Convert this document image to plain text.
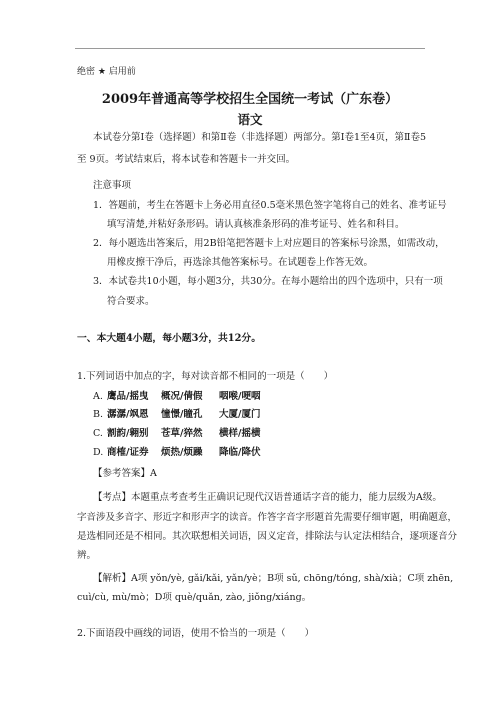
绝密 ★ 启用前
2009年普通高等学校招生全国统一考试（广东卷）
语文
本试卷分第Ⅰ卷（选择题）和第Ⅱ卷（非选择题）两部分。第Ⅰ卷1至4页，第Ⅱ卷5
至 9页。考试结束后，将本试卷和答题卡一并交回。
注意事项
1．答题前，考生在答题卡上务必用直径0.5毫米黑色签字笔将自己的姓名、准考证号
填写清楚,并粘好条形码。请认真核准条形码的准考证号、姓名和科目。
2．每小题选出答案后，用2B铅笔把答题卡上对应题目的答案标号涂黑，如需改动，
用橡皮擦干净后，再选涂其他答案标号。在试题卷上作答无效。
3．本试卷共10小题，每小题3分，共30分。在每小题给出的四个选项中，只有一项
符合要求。
一、本大题4小题，每小题3分，共12分。
1.下列词语中加点的字，每对读音都不相同的一项是（　　）
A. 鹰品/摇曳 概况/倩假 咽喉/哽咽
B. 潺潺/飒恩 憧憬/瞳孔 大厦/厦门
C. 割韵/翱别 苍草/猝然 横样/摇横
D. 商榷/证券 烦热/烦躁 降临/降伏
【参考答案】A
【考点】本题重点考查考生正确识记现代汉语普通话字音的能力，能力层级为A级。
字音涉及多音字、形近字和形声字的读音。作答字音字形题首先需要仔细审题，明确题意，
是选相同还是不相同。其次联想相关词语，因义定音，排除法与认定法相结合，逐项逐音分
辨。
【解析】A项 yǒn/yè, gǎi/kǎi, yǎn/yè；B项 sǔ, chōng/tóng, shà/xià；C项 zhēn,
cuì/cù, mù/mò；D项 què/quǎn, zào, jiǒng/xiáng。
2.下面语段中画线的词语，使用不恰当的一项是（　　）
